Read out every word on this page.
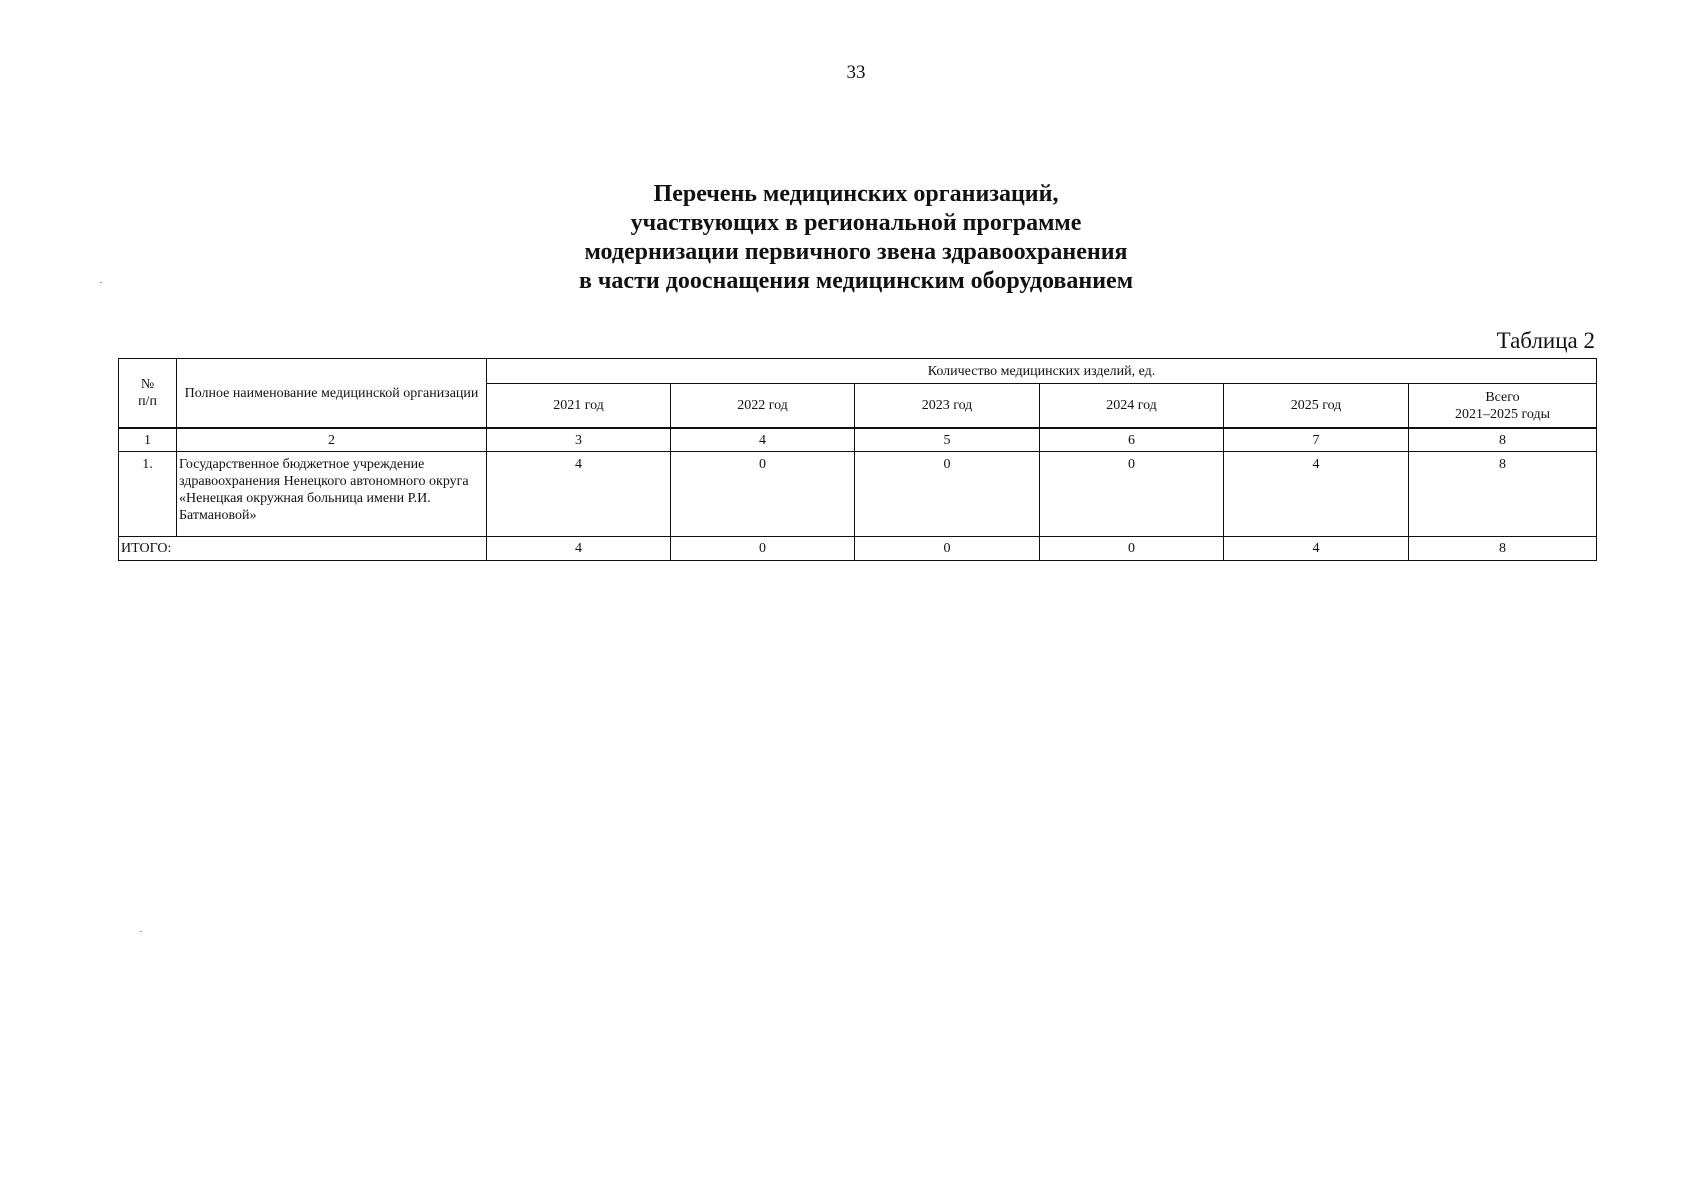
33
Перечень медицинских организаций,
участвующих в региональной программе
модернизации первичного звена здравоохранения
в части дооснащения медицинским оборудованием
Таблица 2
№
п/п	Полное наименование медицинской организации	Количество медицинских изделий, ед.					
		2021 год	2022 год	2023 год	2024 год	2025 год	Всего
2021–2025 годы
1	2	3	4	5	6	7	8
1.	Государственное бюджетное учреждение здравоохранения Ненецкого автономного округа «Ненецкая окружная больница имени Р.И. Батмановой»	4	0	0	0	4	8
ИТОГО:		4	0	0	0	4	8
